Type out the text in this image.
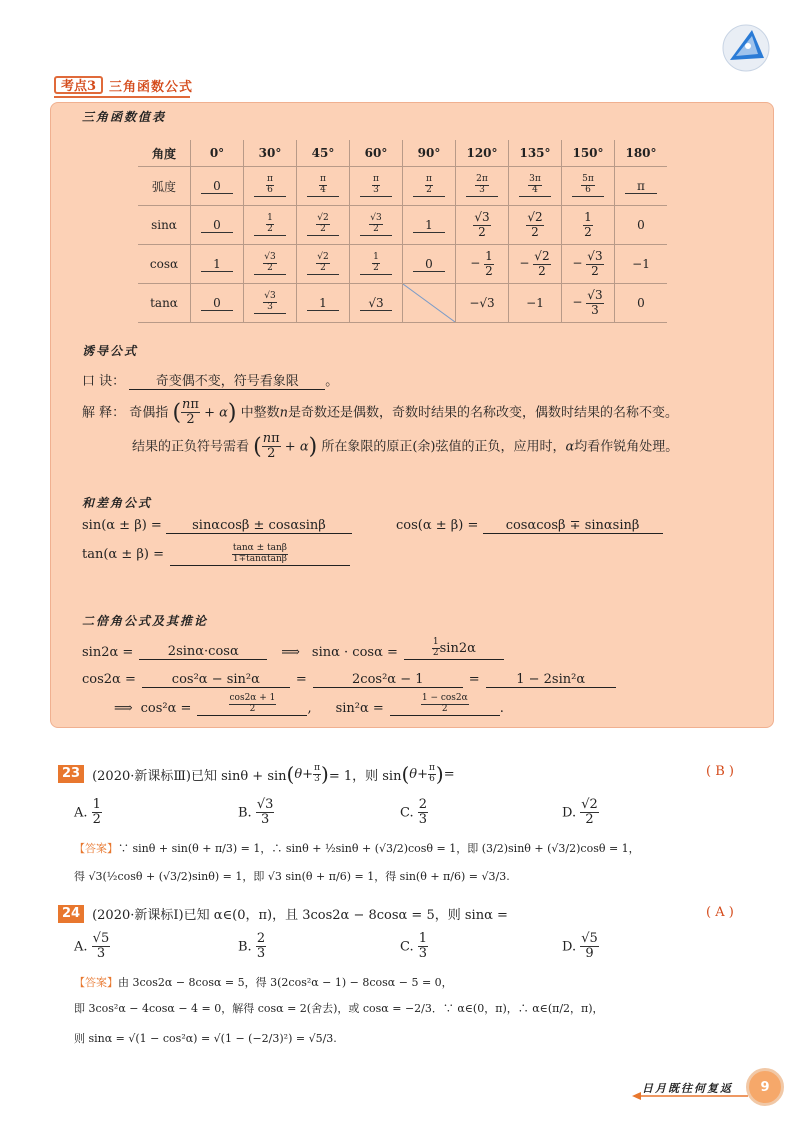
考点3	三角函数公式
三角函数值表
角度	0°	30°	45°	60°	90°	120°	135°	150°	180°
弧度	0	$\frac{\pi}{6}$	$\frac{\pi}{4}$	$\frac{\pi}{3}$	$\frac{\pi}{2}$	$\frac{2\pi}{3}$	$\frac{3\pi}{4}$	$\frac{5\pi}{6}$	π
sinα	0	$\frac{1}{2}$	$\frac{√2}{2}$	$\frac{√3}{2}$	1	$\frac{√3}{2}$	$\frac{√2}{2}$	$\frac{1}{2}$	0
cosα	1	$\frac{√3}{2}$	$\frac{√2}{2}$	$\frac{1}{2}$	0	− $\frac{1}{2}$	− $\frac{√2}{2}$	− $\frac{√3}{2}$	−1
tanα	0	$\frac{√3}{3}$	1	√3		−√3	−1	− $\frac{√3}{3}$	0
诱导公式
口 诀： 奇变偶不变，符号看象限 。
解 释： 奇偶指 ( $\frac{n\pi}{2} + \alpha$) 中整数n是奇数还是偶数，奇数时结果的名称改变，偶数时结果的名称不变。
结果的正负符号需看 ( $\frac{n\pi}{2} + \alpha$) 所在象限的原正(余)弦值的正负，应用时，α均看作锐角处理。
和差角公式
sin(α ± β) = sinαcosβ ± cosαsinβ	cos(α ± β) = cosαcosβ ∓ sinαsinβ
tan(α ± β) =	$\frac{\tan\alpha \pm \tan\beta}{1\mp\tan\alpha\tan\beta}$
二倍角公式及其推论
sin2α =	2sinα·cosα	⟹ sinα · cosα =	$\frac{1}{2} \sin 2\alpha$
cos2α =	cos²α − sin²α	=	2cos²α − 1	=	1 − 2sin²α
⟹ cos²α =	$\frac{\cos 2\alpha + 1}{2}$ , sin²α =	$\frac{1 - \cos 2\alpha}{2}$ .
23 (2020·新课标Ⅲ) 已知 sinθ + sin ( $\theta+ \frac{\pi}{3}$ ) = 1，则 sin ( $\theta+ \frac{\pi}{6}$ ) =	( B )
A. $\frac{1}{2}$	B. $\frac{√3}{3}$	C. $\frac{2}{3}$	D. $\frac{√2}{2}$
【答案】∵ sinθ + sin(θ + π/3) = 1，∴ sinθ + ½sinθ + (√3/2)cosθ = 1，即 (3/2)sinθ + (√3/2)cosθ = 1，
得 √3(½cosθ + (√3/2)sinθ) = 1，即 √3 sin(θ + π/6) = 1，得 sin(θ + π/6) = √3/3.
24 (2020·新课标Ⅰ) 已知 α∈(0，π)，且 3cos2α − 8cosα = 5，则 sinα =	( A )
A. $\frac{√5}{3}$	B. $\frac{2}{3}$	C. $\frac{1}{3}$	D. $\frac{√5}{9}$
【答案】由 3cos2α − 8cosα = 5，得 3(2cos²α − 1) − 8cosα − 5 = 0，
即 3cos²α − 4cosα − 4 = 0，解得 cosα = 2(舍去)，或 cosα = −2/3．∵ α∈(0，π)，∴ α∈(π/2，π)，
则 sinα = √(1 − cos²α) = √(1 − (−2/3)²) = √5/3.
日月既往何复返	9
